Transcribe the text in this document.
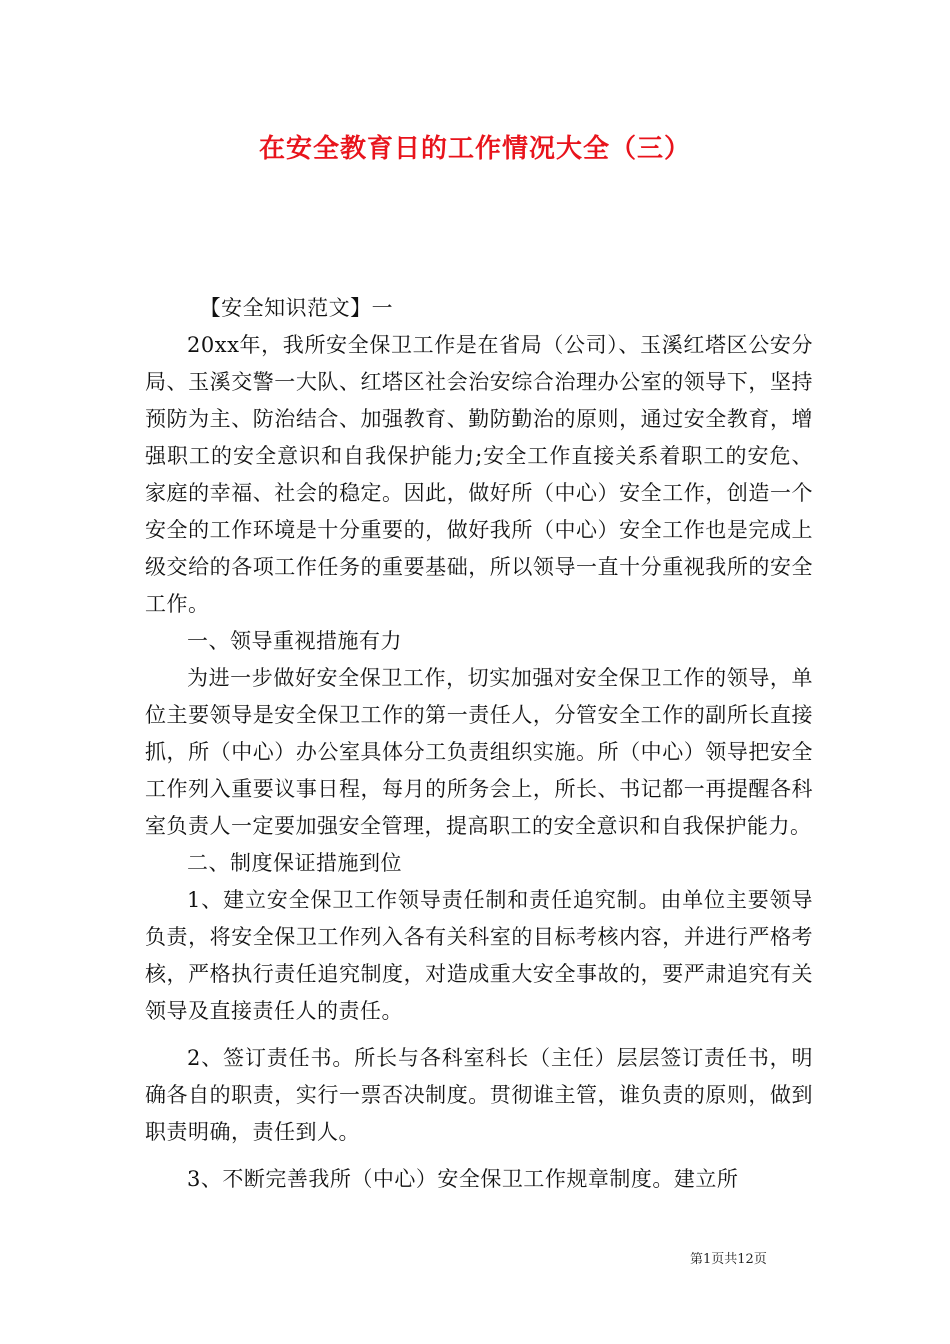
在安全教育日的工作情况大全（三）

【安全知识范文】一

20xx年，我所安全保卫工作是在省局（公司）、玉溪红塔区公安分局、玉溪交警一大队、红塔区社会治安综合治理办公室的领导下，坚持预防为主、防治结合、加强教育、勤防勤治的原则，通过安全教育，增强职工的安全意识和自我保护能力;安全工作直接关系着职工的安危、家庭的幸福、社会的稳定。因此，做好所（中心）安全工作，创造一个安全的工作环境是十分重要的，做好我所（中心）安全工作也是完成上级交给的各项工作任务的重要基础，所以领导一直十分重视我所的安全工作。

一、领导重视措施有力

为进一步做好安全保卫工作，切实加强对安全保卫工作的领导，单位主要领导是安全保卫工作的第一责任人，分管安全工作的副所长直接抓，所（中心）办公室具体分工负责组织实施。所（中心）领导把安全工作列入重要议事日程，每月的所务会上，所长、书记都一再提醒各科室负责人一定要加强安全管理，提高职工的安全意识和自我保护能力。

二、制度保证措施到位

1、建立安全保卫工作领导责任制和责任追究制。由单位主要领导负责，将安全保卫工作列入各有关科室的目标考核内容，并进行严格考核，严格执行责任追究制度，对造成重大安全事故的，要严肃追究有关领导及直接责任人的责任。

2、签订责任书。所长与各科室科长（主任）层层签订责任书，明确各自的职责，实行一票否决制度。贯彻谁主管，谁负责的原则，做到职责明确，责任到人。

3、不断完善我所（中心）安全保卫工作规章制度。建立所

第1页共12页
